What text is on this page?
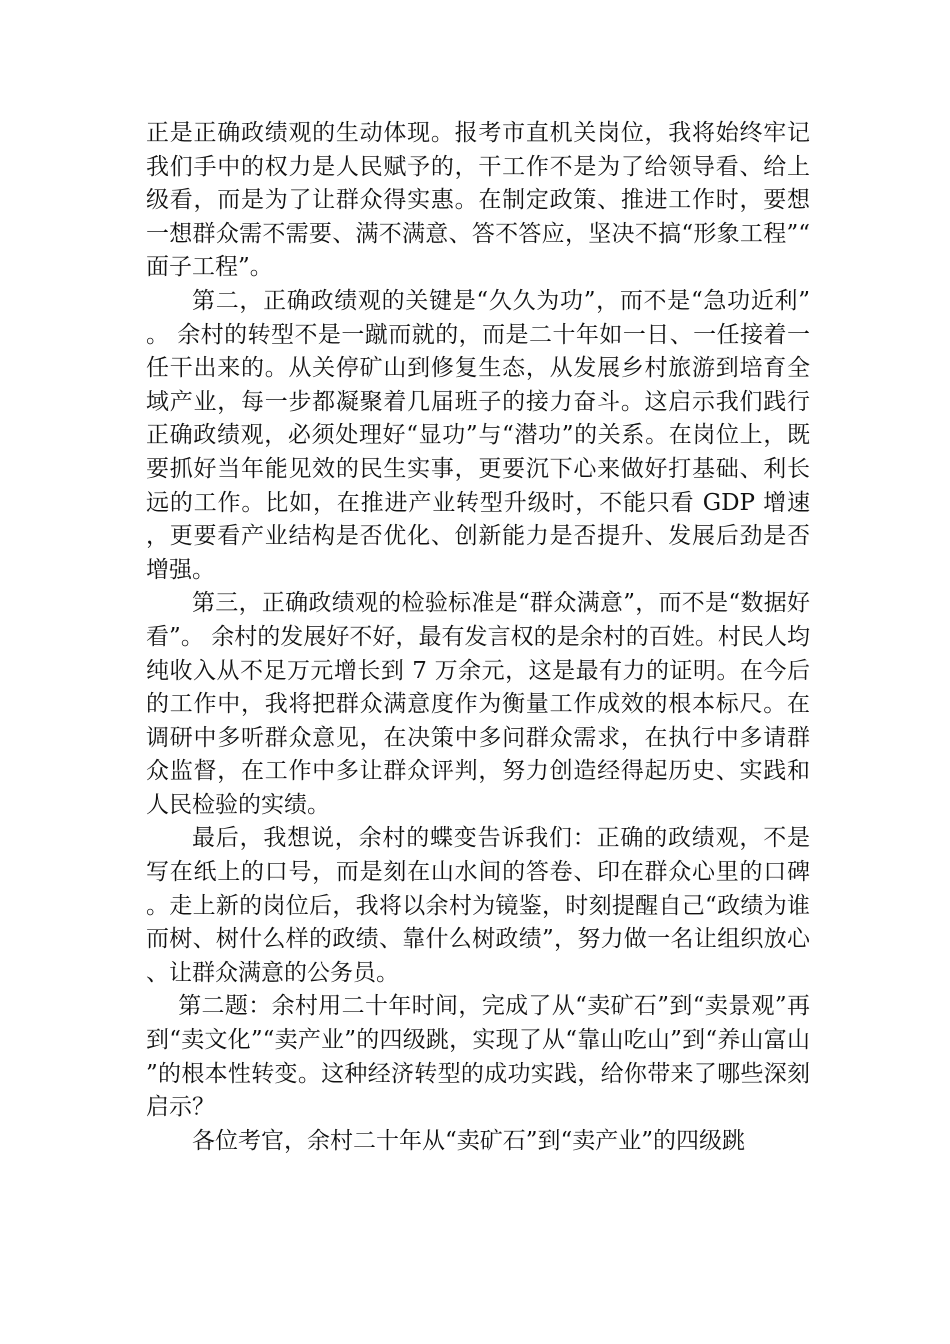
正是正确政绩观的生动体现。报考市直机关岗位，我将始终牢记我们手中的权力是人民赋予的，干工作不是为了给领导看、给上级看，而是为了让群众得实惠。在制定政策、推进工作时，要想一想群众需不需要、满不满意、答不答应，坚决不搞“形象工程”“面子工程”。

第二，正确政绩观的关键是“久久为功”，而不是“急功近利”。 余村的转型不是一蹴而就的，而是二十年如一日、一任接着一任干出来的。从关停矿山到修复生态，从发展乡村旅游到培育全域产业，每一步都凝聚着几届班子的接力奋斗。这启示我们践行正确政绩观，必须处理好“显功”与“潜功”的关系。在岗位上，既要抓好当年能见效的民生实事，更要沉下心来做好打基础、利长远的工作。比如，在推进产业转型升级时，不能只看 GDP 增速，更要看产业结构是否优化、创新能力是否提升、发展后劲是否增强。

第三，正确政绩观的检验标准是“群众满意”，而不是“数据好看”。 余村的发展好不好，最有发言权的是余村的百姓。村民人均纯收入从不足万元增长到 7 万余元，这是最有力的证明。在今后的工作中，我将把群众满意度作为衡量工作成效的根本标尺。在调研中多听群众意见，在决策中多问群众需求，在执行中多请群众监督，在工作中多让群众评判，努力创造经得起历史、实践和人民检验的实绩。

最后，我想说，余村的蝶变告诉我们：正确的政绩观，不是写在纸上的口号，而是刻在山水间的答卷、印在群众心里的口碑。走上新的岗位后，我将以余村为镜鉴，时刻提醒自己“政绩为谁而树、树什么样的政绩、靠什么树政绩”，努力做一名让组织放心、让群众满意的公务员。

第二题：余村用二十年时间，完成了从“卖矿石”到“卖景观”再到“卖文化”“卖产业”的四级跳，实现了从“靠山吃山”到“养山富山”的根本性转变。这种经济转型的成功实践，给你带来了哪些深刻启示？

各位考官，余村二十年从“卖矿石”到“卖产业”的四级跳
